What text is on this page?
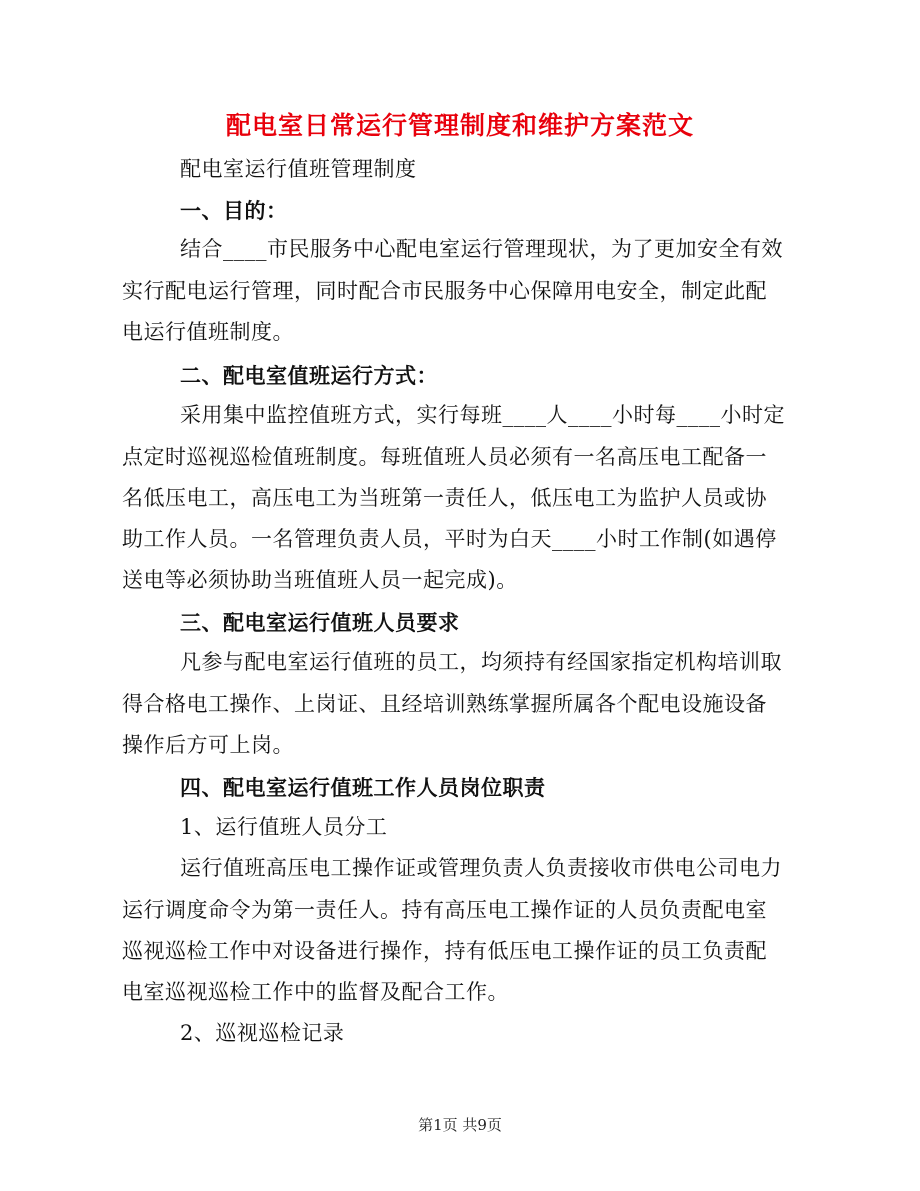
配电室日常运行管理制度和维护方案范文
配电室运行值班管理制度
一、目的：
结合____市民服务中心配电室运行管理现状，为了更加安全有效
实行配电运行管理，同时配合市民服务中心保障用电安全，制定此配
电运行值班制度。
二、配电室值班运行方式：
采用集中监控值班方式，实行每班____人____小时每____小时定
点定时巡视巡检值班制度。每班值班人员必须有一名高压电工配备一
名低压电工，高压电工为当班第一责任人，低压电工为监护人员或协
助工作人员。一名管理负责人员，平时为白天____小时工作制(如遇停
送电等必须协助当班值班人员一起完成)。
三、配电室运行值班人员要求
凡参与配电室运行值班的员工，均须持有经国家指定机构培训取
得合格电工操作、上岗证、且经培训熟练掌握所属各个配电设施设备
操作后方可上岗。
四、配电室运行值班工作人员岗位职责
1、运行值班人员分工
运行值班高压电工操作证或管理负责人负责接收市供电公司电力
运行调度命令为第一责任人。持有高压电工操作证的人员负责配电室
巡视巡检工作中对设备进行操作，持有低压电工操作证的员工负责配
电室巡视巡检工作中的监督及配合工作。
2、巡视巡检记录
第1页 共9页
